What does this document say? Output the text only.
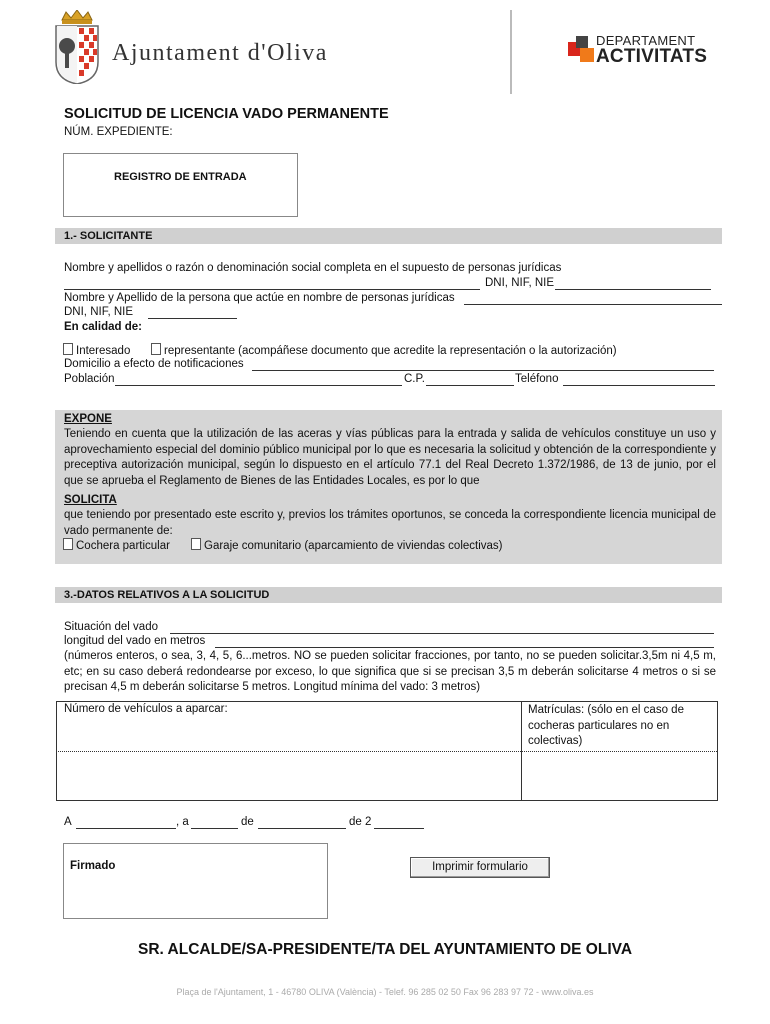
Ajuntament d'Oliva	DEPARTAMENT
ACTIVITATS
SOLICITUD DE LICENCIA VADO PERMANENTE
NÚM. EXPEDIENTE:
REGISTRO DE ENTRADA
1.- SOLICITANTE
Nombre y apellidos o razón o denominación social completa en el supuesto de personas jurídicas
DNI, NIF, NIE
Nombre y Apellido de la persona que actúe en nombre de personas jurídicas
DNI, NIF, NIE
En calidad de:
Interesado	representante (acompáñese documento que acredite la representación o la autorización)
Domicilio a efecto de notificaciones
Población	C.P.	Teléfono
EXPONE
Teniendo en cuenta que la utilización de las aceras y vías públicas para la entrada y salida de vehículos constituye un uso y aprovechamiento especial del dominio público municipal por lo que es necesaria la solicitud y obtención de la correspondiente y preceptiva autorización municipal, según lo dispuesto en el artículo 77.1 del Real Decreto 1.372/1986, de 13 de junio, por el que se aprueba el Reglamento de Bienes de las Entidades Locales, es por lo que
SOLICITA
que teniendo por presentado este escrito y, previos los trámites oportunos, se conceda la correspondiente licencia municipal de vado permanente de:
Cochera particular	Garaje comunitario (aparcamiento de viviendas colectivas)
3.-DATOS RELATIVOS A LA SOLICITUD
Situación del vado
longitud del vado en metros
(números enteros, o sea, 3, 4, 5, 6...metros. NO se pueden solicitar fracciones, por tanto, no se pueden solicitar.3,5m ni 4,5 m, etc; en su caso deberá redondearse por exceso, lo que significa que si se precisan 3,5 m deberán solicitarse 4 metros o si se precisan 4,5 m deberán solicitarse 5 metros. Longitud mínima del vado: 3 metros)
Número de vehículos a aparcar:	Matrículas: (sólo en el caso de cocheras particulares no en colectivas)
A	, a	de	de 2
Firmado	Imprimir formulario
SR. ALCALDE/SA-PRESIDENTE/TA DEL AYUNTAMIENTO DE OLIVA
Plaça de l'Ajuntament, 1 - 46780 OLIVA (València) - Telef. 96 285 02 50 Fax 96 283 97 72 - www.oliva.es
